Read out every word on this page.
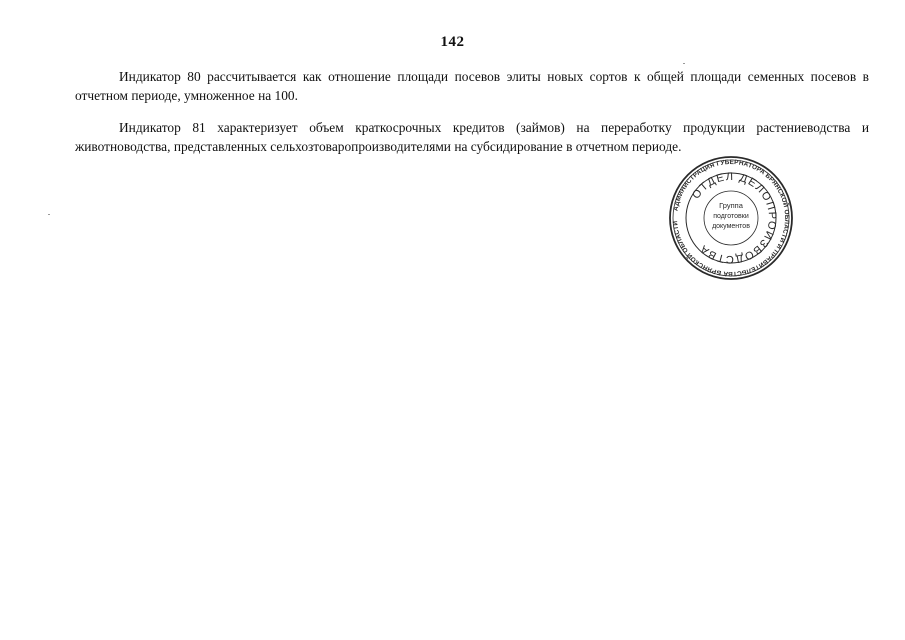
142

Индикатор 80 рассчитывается как отношение площади посевов элиты новых сортов к общей площади семенных посевов в отчетном периоде, умноженное на 100.

Индикатор 81 характеризует объем краткосрочных кредитов (займов) на переработку продукции растениеводства и животноводства, представленных сельхозтоваропроизводителями на субсидирование в отчетном периоде.

АДМИНИСТРАЦИЯ ГУБЕРНАТОРА БРЯНСКОЙ ОБЛАСТИ И ПРАВИТЕЛЬСТВА БРЯНСКОЙ ОБЛАСТИ
ОТДЕЛ ДЕЛОПРОИЗВОДСТВА
Группа
подготовки
документов
